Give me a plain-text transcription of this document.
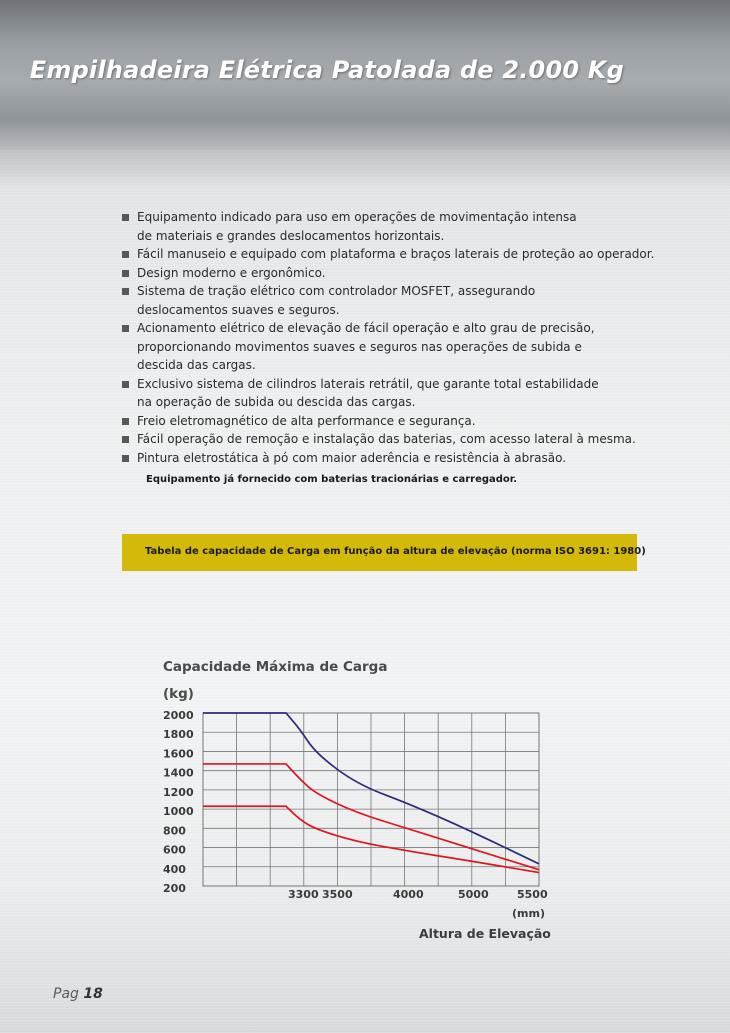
Empilhadeira Elétrica Patolada de 2.000 Kg
Equipamento indicado para uso em operações de movimentação intensa
de materiais e grandes deslocamentos horizontais.
Fácil manuseio e equipado com plataforma e braços laterais de proteção ao operador.
Design moderno e ergonômico.
Sistema de tração elétrico com controlador MOSFET, assegurando
deslocamentos suaves e seguros.
Acionamento elétrico de elevação de fácil operação e alto grau de precisão,
proporcionando movimentos suaves e seguros nas operações de subida e
descida das cargas.
Exclusivo sistema de cilindros laterais retrátil, que garante total estabilidade
na operação de subida ou descida das cargas.
Freio eletromagnético de alta performance e segurança.
Fácil operação de remoção e instalação das baterias, com acesso lateral à mesma.
Pintura eletrostática à pó com maior aderência e resistência à abrasão.
Equipamento já fornecido com baterias tracionárias e carregador.
Tabela de capacidade de Carga em função da altura de elevação (norma ISO 3691: 1980)
Capacidade Máxima de Carga
(kg)
2000
1800
1600
1400
1200
1000
800
600
400
200	3300 3500	4000	5000	5500
(mm)
Altura de Elevação
Pag 18
